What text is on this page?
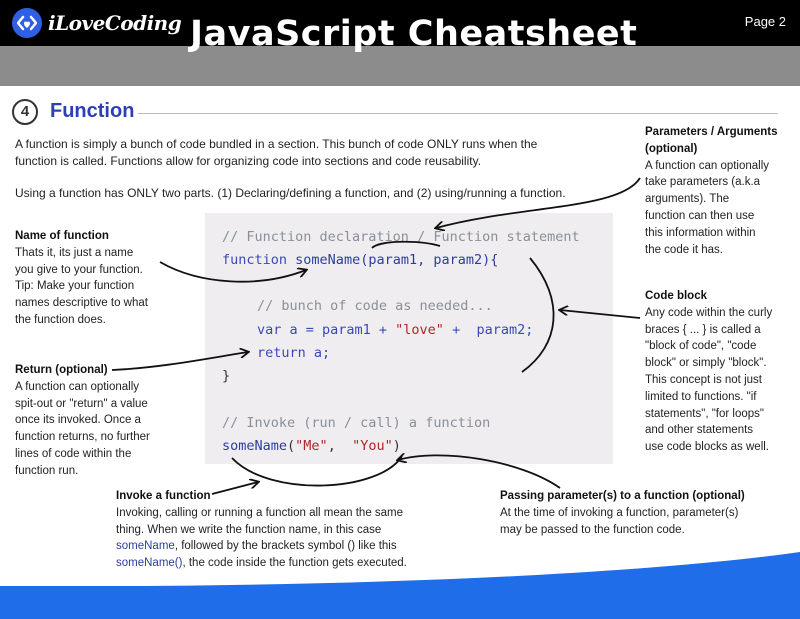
iLoveCoding JavaScript Cheatsheet	Page 2
4	Function
A function is simply a bunch of code bundled in a section. This bunch of code ONLY runs when the
function is called. Functions allow for organizing code into sections and code reusability.
Using a function has ONLY two parts. (1) Declaring/defining a function, and (2) using/running a function.
// Function declaration / Function statement
function someName(param1, param2){
// bunch of code as needed...
var a = param1 + "love" +  param2;
return a;
}
// Invoke (run / call) a function
someName("Me",  "You")
Parameters / Arguments
(optional)
A function can optionally
take parameters (a.k.a
arguments). The
function can then use
this information within
the code it has.
Name of function
Thats it, its just a name
you give to your function.
Tip: Make your function
names descriptive to what
the function does.
Code block
Any code within the curly
braces { ... } is called a
"block of code", "code
block" or simply "block".
This concept is not just
limited to functions. "if
statements", "for loops"
and other statements
use code blocks as well.
Return (optional)
A function can optionally
spit-out or "return" a value
once its invoked. Once a
function returns, no further
lines of code within the
function run.
Invoke a function
Invoking, calling or running a function all mean the same
thing. When we write the function name, in this case
someName, followed by the brackets symbol () like this
someName(), the code inside the function gets executed.
Passing parameter(s) to a function (optional)
At the time of invoking a function, parameter(s)
may be passed to the function code.
